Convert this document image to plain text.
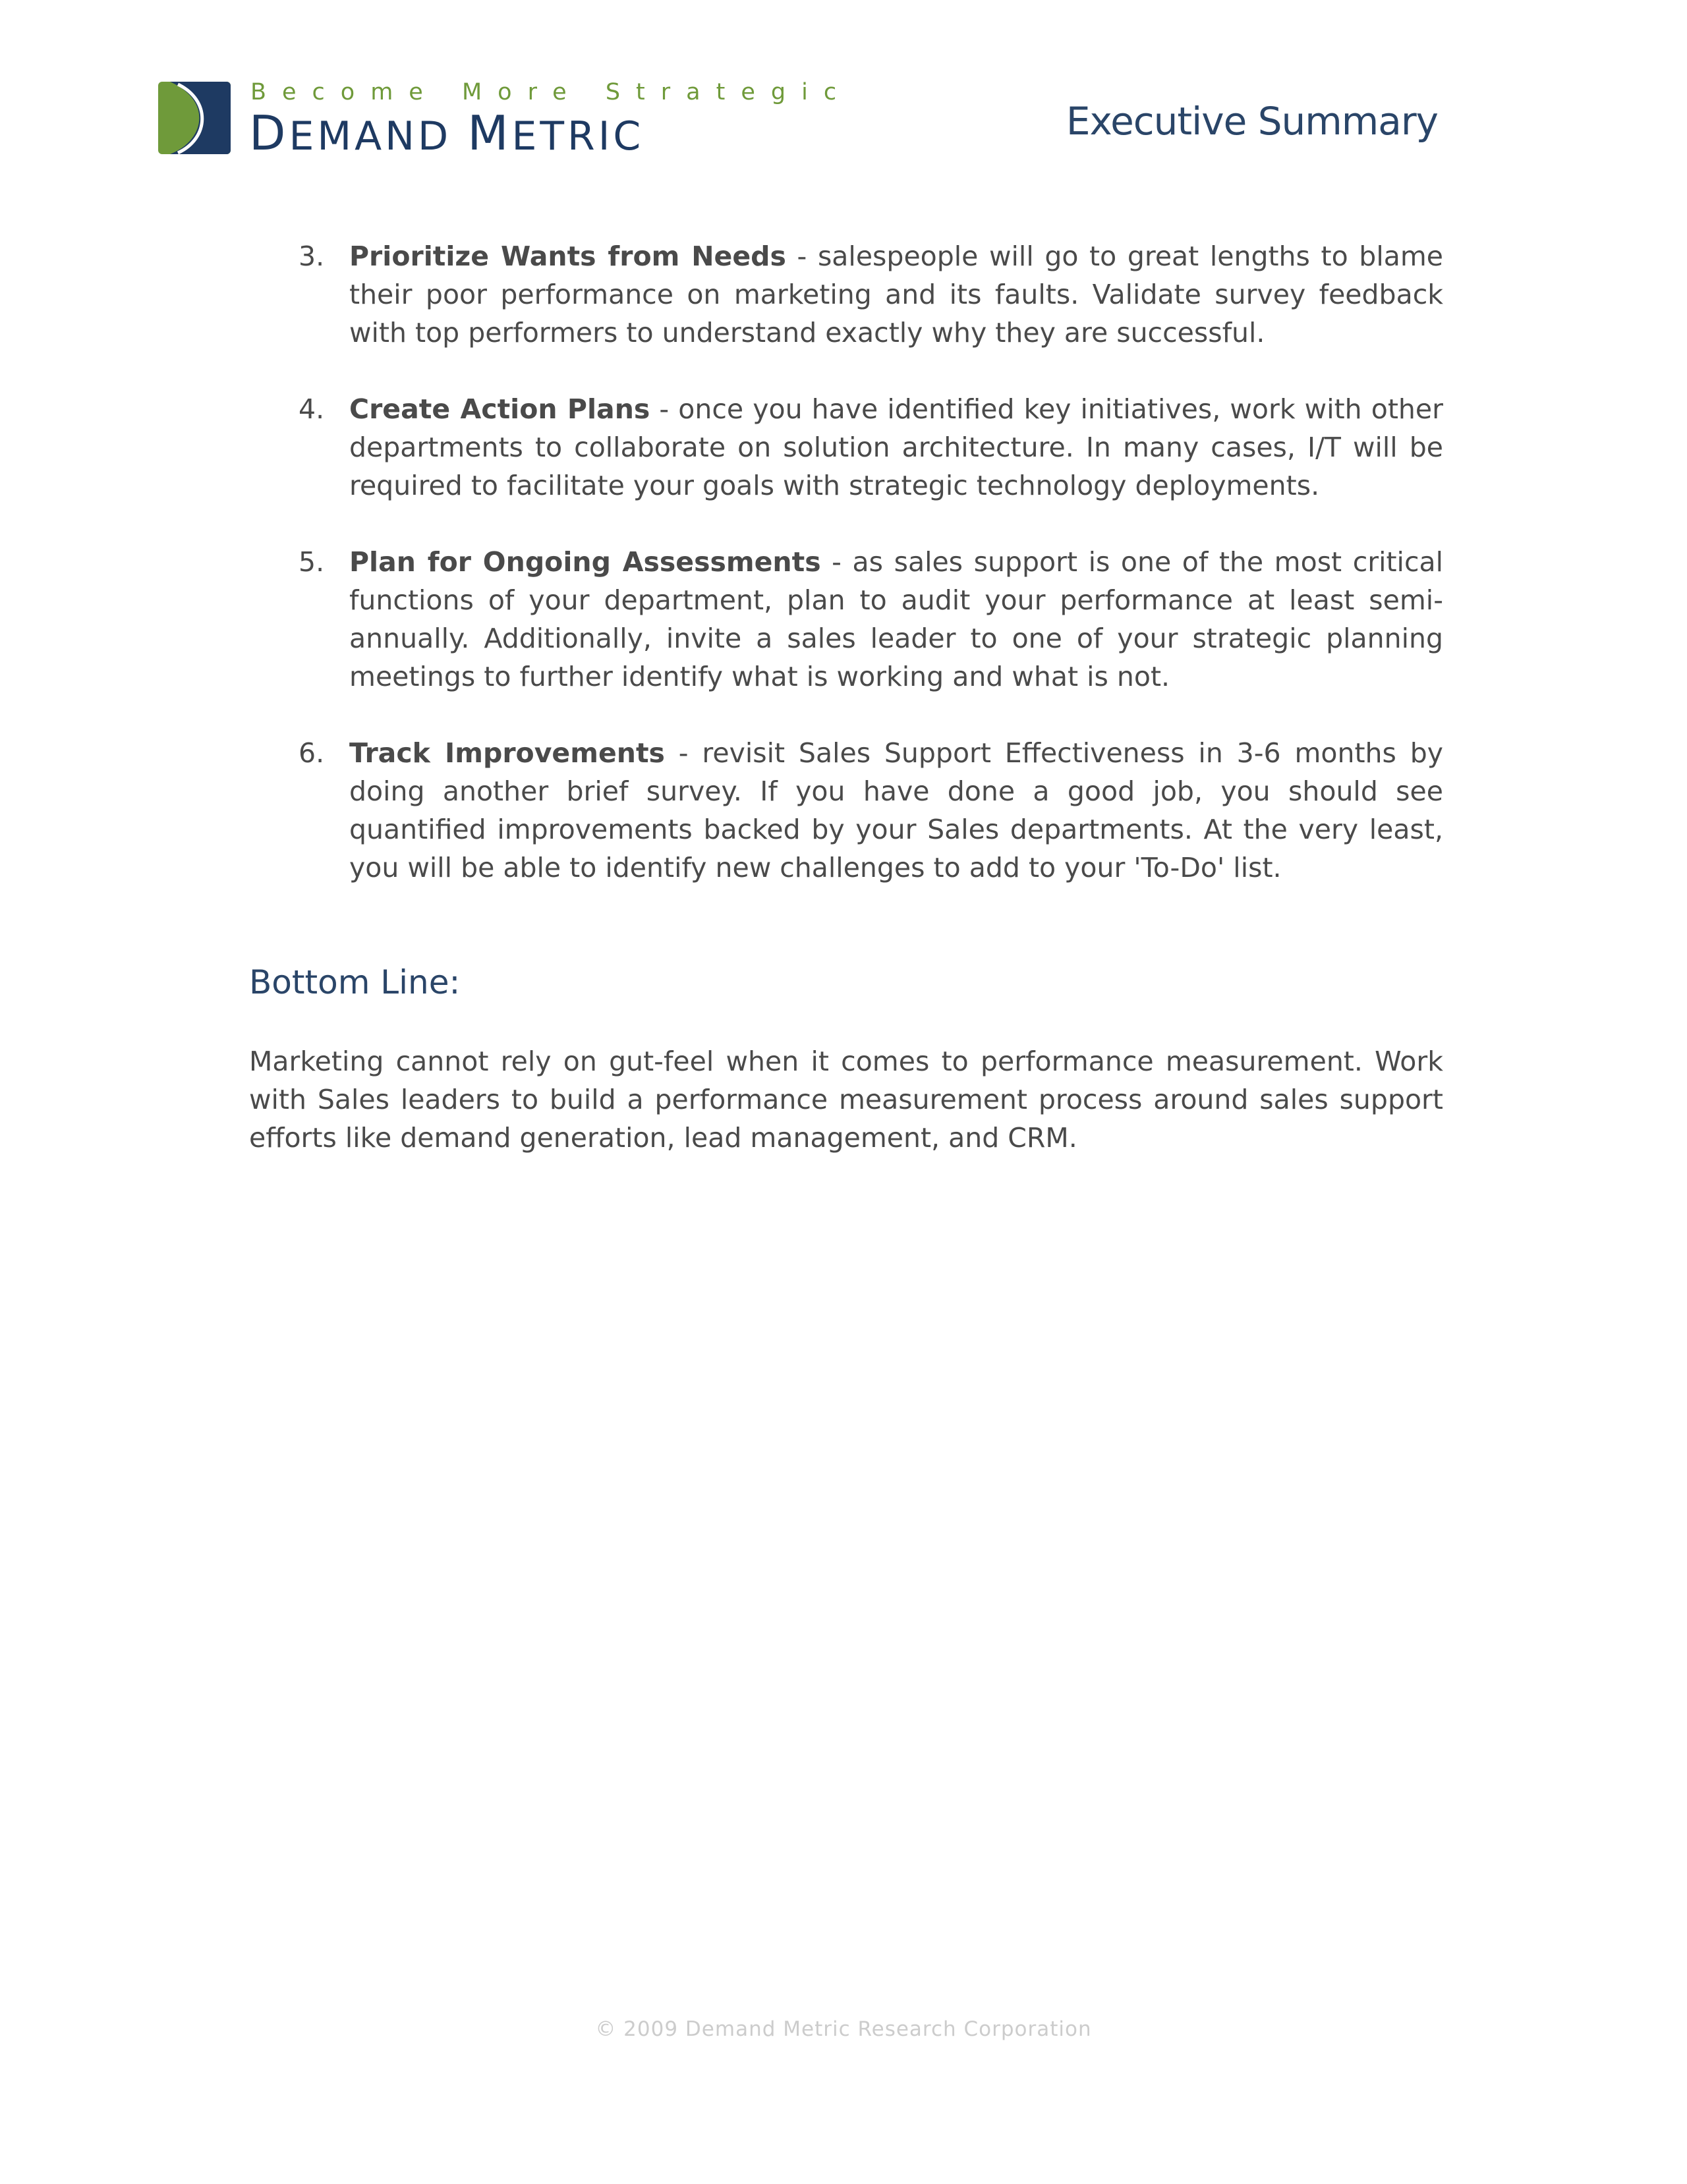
Become More Strategic
DEMAND METRIC	Executive Summary
3. Prioritize Wants from Needs - salespeople will go to great lengths to blame their poor performance on marketing and its faults. Validate survey feedback with top performers to understand exactly why they are successful.
4. Create Action Plans - once you have identified key initiatives, work with other departments to collaborate on solution architecture. In many cases, I/T will be required to facilitate your goals with strategic technology deployments.
5. Plan for Ongoing Assessments - as sales support is one of the most critical functions of your department, plan to audit your performance at least semi-annually. Additionally, invite a sales leader to one of your strategic planning meetings to further identify what is working and what is not.
6. Track Improvements - revisit Sales Support Effectiveness in 3-6 months by doing another brief survey. If you have done a good job, you should see quantified improvements backed by your Sales departments. At the very least, you will be able to identify new challenges to add to your 'To-Do' list.
Bottom Line:

Marketing cannot rely on gut-feel when it comes to performance measurement. Work with Sales leaders to build a performance measurement process around sales support efforts like demand generation, lead management, and CRM.

© 2009 Demand Metric Research Corporation
